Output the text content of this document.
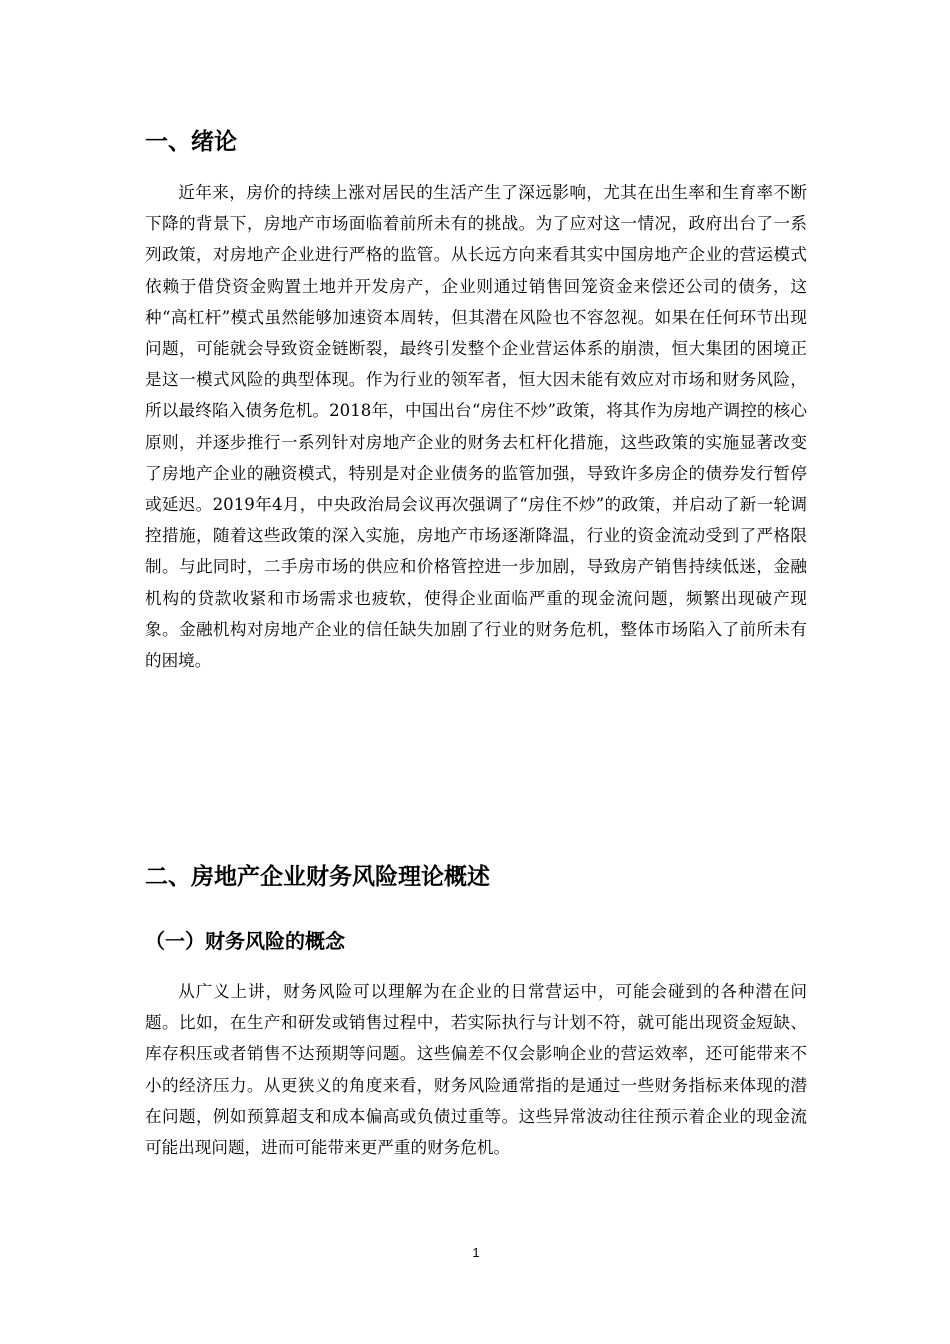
一、绪论

近年来，房价的持续上涨对居民的生活产生了深远影响，尤其在出生率和生育率不断下降的背景下，房地产市场面临着前所未有的挑战。为了应对这一情况，政府出台了一系列政策，对房地产企业进行严格的监管。从长远方向来看其实中国房地产企业的营运模式依赖于借贷资金购置土地并开发房产，企业则通过销售回笼资金来偿还公司的债务，这种“高杠杆”模式虽然能够加速资本周转，但其潜在风险也不容忽视。如果在任何环节出现问题，可能就会导致资金链断裂，最终引发整个企业营运体系的崩溃，恒大集团的困境正是这一模式风险的典型体现。作为行业的领军者，恒大因未能有效应对市场和财务风险，所以最终陷入债务危机。2018年，中国出台“房住不炒”政策，将其作为房地产调控的核心原则，并逐步推行一系列针对房地产企业的财务去杠杆化措施，这些政策的实施显著改变了房地产企业的融资模式，特别是对企业债务的监管加强，导致许多房企的债券发行暂停或延迟。2019年4月，中央政治局会议再次强调了“房住不炒”的政策，并启动了新一轮调控措施，随着这些政策的深入实施，房地产市场逐渐降温，行业的资金流动受到了严格限制。与此同时，二手房市场的供应和价格管控进一步加剧，导致房产销售持续低迷，金融机构的贷款收紧和市场需求也疲软，使得企业面临严重的现金流问题，频繁出现破产现象。金融机构对房地产企业的信任缺失加剧了行业的财务危机，整体市场陷入了前所未有的困境。

二、房地产企业财务风险理论概述
（一）财务风险的概念

从广义上讲，财务风险可以理解为在企业的日常营运中，可能会碰到的各种潜在问题。比如，在生产和研发或销售过程中，若实际执行与计划不符，就可能出现资金短缺、库存积压或者销售不达预期等问题。这些偏差不仅会影响企业的营运效率，还可能带来不小的经济压力。从更狭义的角度来看，财务风险通常指的是通过一些财务指标来体现的潜在问题，例如预算超支和成本偏高或负债过重等。这些异常波动往往预示着企业的现金流可能出现问题，进而可能带来更严重的财务危机。

1
